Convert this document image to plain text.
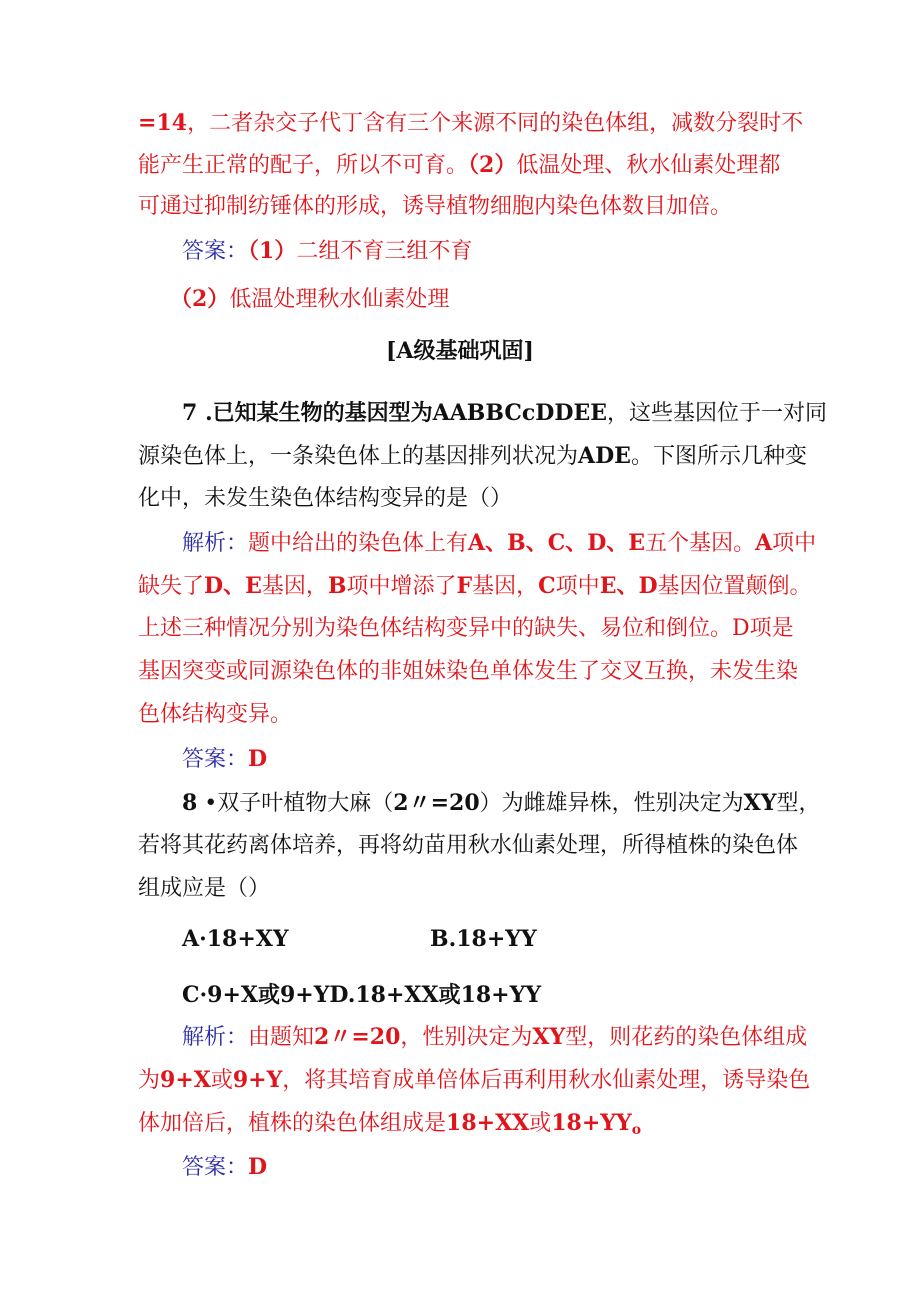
=14，二者杂交子代丁含有三个来源不同的染色体组，减数分裂时不
能产生正常的配子，所以不可育。（2）低温处理、秋水仙素处理都
可通过抑制纺锤体的形成，诱导植物细胞内染色体数目加倍。
答案：（1）二组不育三组不育
（2）低温处理秋水仙素处理
[A级基础巩固]
7 .已知某生物的基因型为AABBCcDDEE，这些基因位于一对同
源染色体上，一条染色体上的基因排列状况为ADE。下图所示几种变
化中，未发生染色体结构变异的是（）
解析：题中给出的染色体上有A、B、C、D、E五个基因。A项中
缺失了D、E基因，B项中增添了F基因，C项中E、D基因位置颠倒。
上述三种情况分别为染色体结构变异中的缺失、易位和倒位。D项是
基因突变或同源染色体的非姐妹染色单体发生了交叉互换，未发生染
色体结构变异。
答案：D
8 •双子叶植物大麻（2〃=20）为雌雄异株，性别决定为XY型，
若将其花药离体培养，再将幼苗用秋水仙素处理，所得植株的染色体
组成应是（）
A·18+XY	B.18+YY
C·9+X或9+YD.18+XX或18+YY
解析：由题知2〃=20，性别决定为XY型，则花药的染色体组成
为9+X或9+Y，将其培育成单倍体后再利用秋水仙素处理，诱导染色
体加倍后，植株的染色体组成是18+XX或18+YYo
答案：D
